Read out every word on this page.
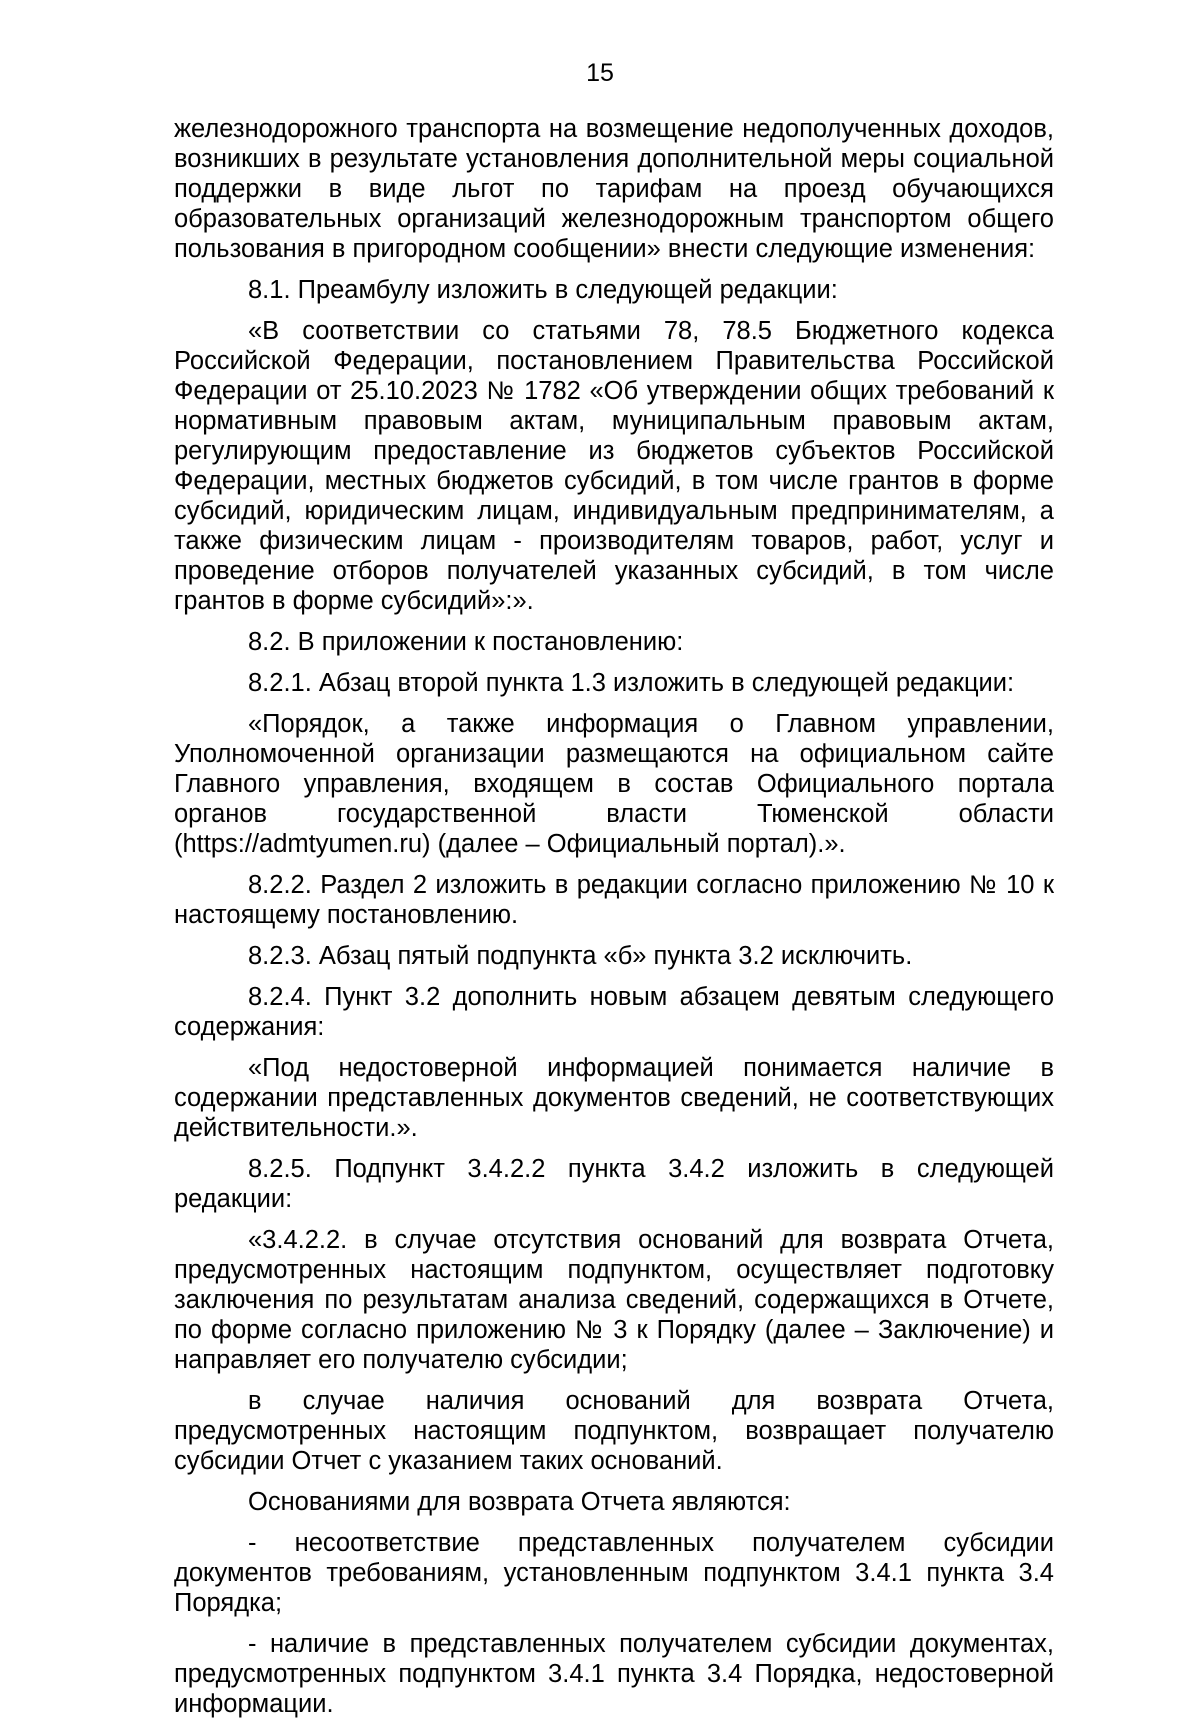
15

железнодорожного транспорта на возмещение недополученных доходов, возникших в результате установления дополнительной меры социальной поддержки в виде льгот по тарифам на проезд обучающихся образовательных организаций железнодорожным транспортом общего пользования в пригородном сообщении» внести следующие изменения:

8.1. Преамбулу изложить в следующей редакции:

«В соответствии со статьями 78, 78.5 Бюджетного кодекса Российской Федерации, постановлением Правительства Российской Федерации от 25.10.2023 № 1782 «Об утверждении общих требований к нормативным правовым актам, муниципальным правовым актам, регулирующим предоставление из бюджетов субъектов Российской Федерации, местных бюджетов субсидий, в том числе грантов в форме субсидий, юридическим лицам, индивидуальным предпринимателям, а также физическим лицам - производителям товаров, работ, услуг и проведение отборов получателей указанных субсидий, в том числе грантов в форме субсидий»:».

8.2. В приложении к постановлению:

8.2.1. Абзац второй пункта 1.3 изложить в следующей редакции:

«Порядок, а также информация о Главном управлении, Уполномоченной организации размещаются на официальном сайте Главного управления, входящем в состав Официального портала органов государственной власти Тюменской области (https://admtyumen.ru) (далее – Официальный портал).».

8.2.2. Раздел 2 изложить в редакции согласно приложению № 10 к настоящему постановлению.

8.2.3. Абзац пятый подпункта «б» пункта 3.2 исключить.

8.2.4. Пункт 3.2 дополнить новым абзацем девятым следующего содержания:

«Под недостоверной информацией понимается наличие в содержании представленных документов сведений, не соответствующих действительности.».

8.2.5. Подпункт 3.4.2.2 пункта 3.4.2 изложить в следующей редакции:

«3.4.2.2. в случае отсутствия оснований для возврата Отчета, предусмотренных настоящим подпунктом, осуществляет подготовку заключения по результатам анализа сведений, содержащихся в Отчете, по форме согласно приложению № 3 к Порядку (далее – Заключение) и направляет его получателю субсидии;

в случае наличия оснований для возврата Отчета, предусмотренных настоящим подпунктом, возвращает получателю субсидии Отчет с указанием таких оснований.

Основаниями для возврата Отчета являются:

- несоответствие представленных получателем субсидии документов требованиям, установленным подпунктом 3.4.1 пункта 3.4 Порядка;

- наличие в представленных получателем субсидии документах, предусмотренных подпунктом 3.4.1 пункта 3.4 Порядка, недостоверной информации.
